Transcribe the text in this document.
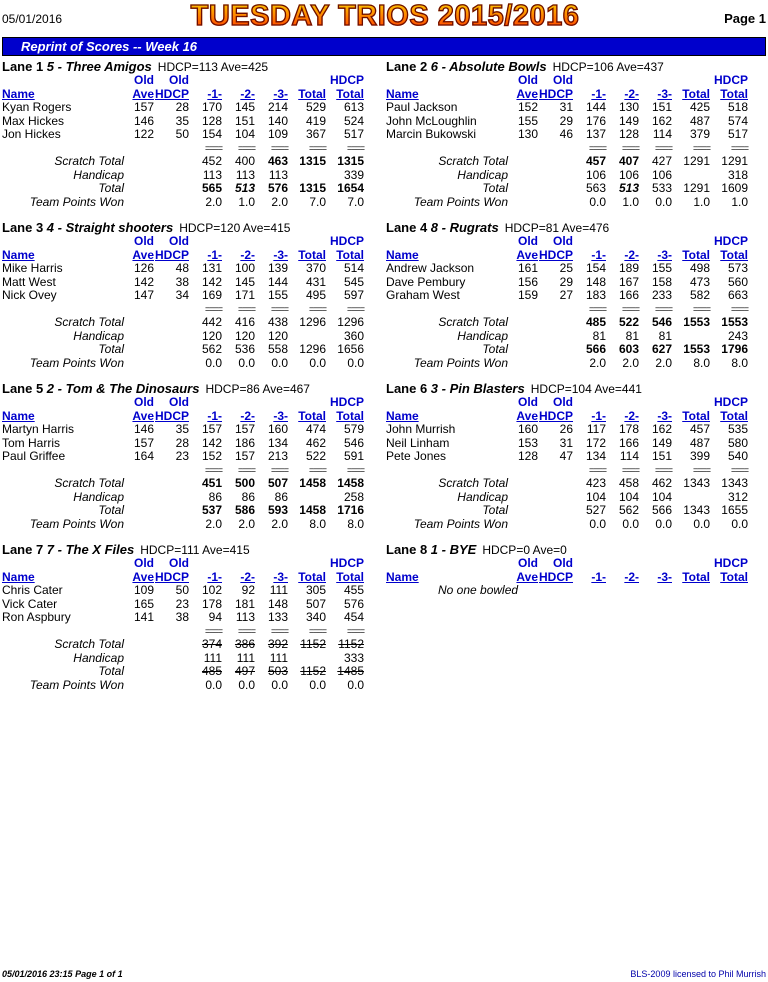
05/01/2016	TUESDAY TRIOS 2015/2016	Page 1
Reprint of Scores -- Week 16
Lane 1 5 - Three Amigos HDCP=113 Ave=425
Old Old	HDCP
Name	Ave HDCP -1- -2- -3- Total Total
Kyan Rogers	157 28 170 145 214 529 613
Max Hickes	146 35 128 151 140 419 524
Jon Hickes	122 50 154 104 109 367 517
==== ==== ==== ==== ====
Scratch Total	452 400 463 1315 1315
Handicap	113 113 113	339
Total	565 513 576 1315 1654
Team Points Won	2.0 1.0 2.0 7.0 7.0
Lane 2 6 - Absolute Bowls HDCP=106 Ave=437
Old Old	HDCP
Name	Ave HDCP -1- -2- -3- Total Total
Paul Jackson	152 31 144 130 151 425 518
John McLoughlin	155 29 176 149 162 487 574
Marcin Bukowski	130 46 137 128 114 379 517
==== ==== ==== ==== ====
Scratch Total	457 407 427 1291 1291
Handicap	106 106 106	318
Total	563 513 533 1291 1609
Team Points Won	0.0 1.0 0.0 1.0 1.0
Lane 3 4 - Straight shooters HDCP=120 Ave=415
Old Old	HDCP
Name	Ave HDCP -1- -2- -3- Total Total
Mike Harris	126 48 131 100 139 370 514
Matt West	142 38 142 145 144 431 545
Nick Ovey	147 34 169 171 155 495 597
==== ==== ==== ==== ====
Scratch Total	442 416 438 1296 1296
Handicap	120 120 120	360
Total	562 536 558 1296 1656
Team Points Won	0.0 0.0 0.0 0.0 0.0
Lane 4 8 - Rugrats HDCP=81 Ave=476
Old Old	HDCP
Name	Ave HDCP -1- -2- -3- Total Total
Andrew Jackson	161 25 154 189 155 498 573
Dave Pembury	156 29 148 167 158 473 560
Graham West	159 27 183 166 233 582 663
==== ==== ==== ==== ====
Scratch Total	485 522 546 1553 1553
Handicap	81 81 81	243
Total	566 603 627 1553 1796
Team Points Won	2.0 2.0 2.0 8.0 8.0
Lane 5 2 - Tom & The Dinosaurs HDCP=86 Ave=467
Old Old	HDCP
Name	Ave HDCP -1- -2- -3- Total Total
Martyn Harris	146 35 157 157 160 474 579
Tom Harris	157 28 142 186 134 462 546
Paul Griffee	164 23 152 157 213 522 591
==== ==== ==== ==== ====
Scratch Total	451 500 507 1458 1458
Handicap	86 86 86	258
Total	537 586 593 1458 1716
Team Points Won	2.0 2.0 2.0 8.0 8.0
Lane 6 3 - Pin Blasters HDCP=104 Ave=441
Old Old	HDCP
Name	Ave HDCP -1- -2- -3- Total Total
John Murrish	160 26 117 178 162 457 535
Neil Linham	153 31 172 166 149 487 580
Pete Jones	128 47 134 114 151 399 540
==== ==== ==== ==== ====
Scratch Total	423 458 462 1343 1343
Handicap	104 104 104	312
Total	527 562 566 1343 1655
Team Points Won	0.0 0.0 0.0 0.0 0.0
Lane 7 7 - The X Files HDCP=111 Ave=415
Old Old	HDCP
Name	Ave HDCP -1- -2- -3- Total Total
Chris Cater	109 50 102 92 111 305 455
Vick Cater	165 23 178 181 148 507 576
Ron Aspbury	141 38 94 113 133 340 454
==== ==== ==== ==== ====
Scratch Total	374 386 392 1152 1152
Handicap	111 111 111	333
Total	485 497 503 1152 1485
Team Points Won	0.0 0.0 0.0 0.0 0.0
Lane 8 1 - BYE HDCP=0 Ave=0
Old Old	HDCP
Name	Ave HDCP -1- -2- -3- Total Total
No one bowled
05/01/2016 23:15 Page 1 of 1	BLS-2009 licensed to Phil Murrish
